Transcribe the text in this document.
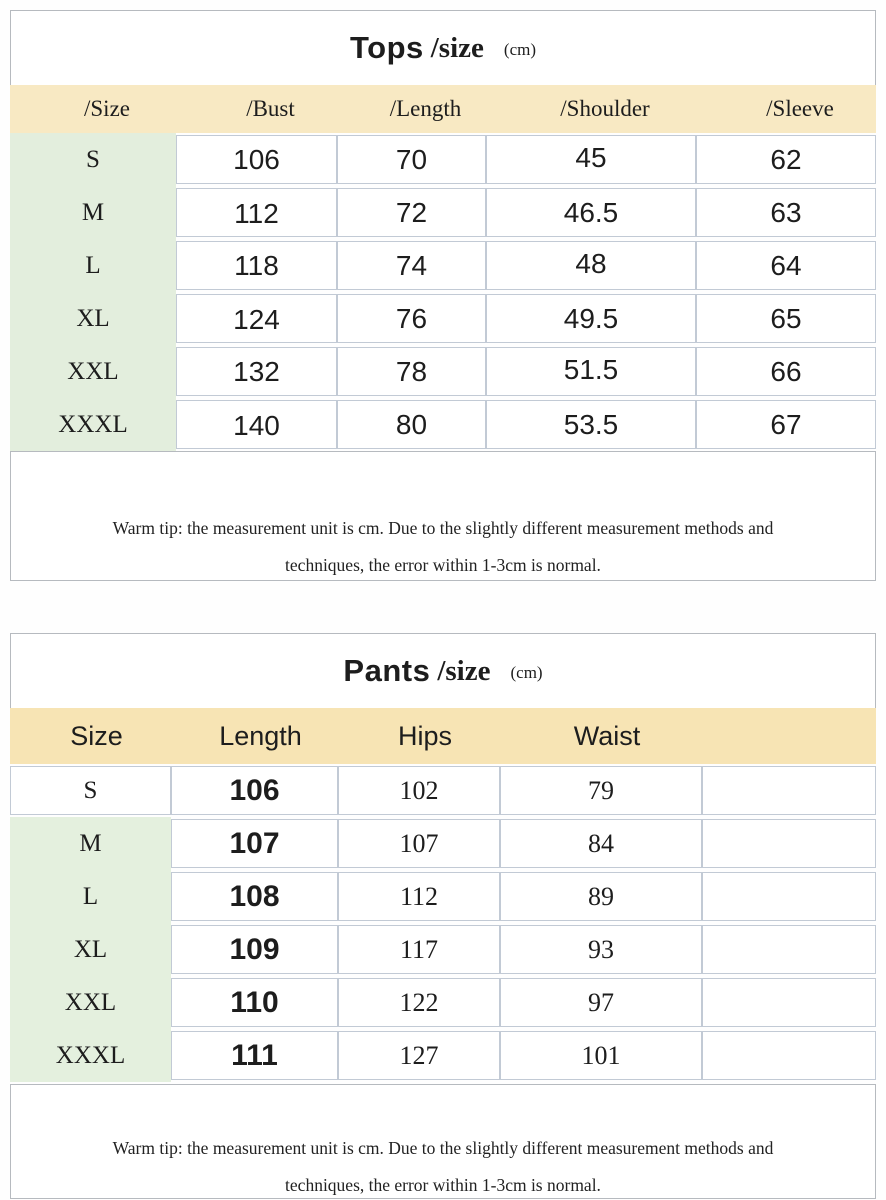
Tops /size (cm)
/Size	/Bust	/Length	/Shoulder	/Sleeve
S	106	70	45	62
M	112	72	46.5	63
L	118	74	48	64
XL	124	76	49.5	65
XXL	132	78	51.5	66
XXXL	140	80	53.5	67

Warm tip: the measurement unit is cm. Due to the slightly different measurement methods and

techniques, the error within 1-3cm is normal.

Pants /size (cm)
Size	Length	Hips	Waist
S	106	102	79
M	107	107	84
L	108	112	89
XL	109	117	93
XXL	110	122	97
XXXL	111	127	101

Warm tip: the measurement unit is cm. Due to the slightly different measurement methods and

techniques, the error within 1-3cm is normal.
